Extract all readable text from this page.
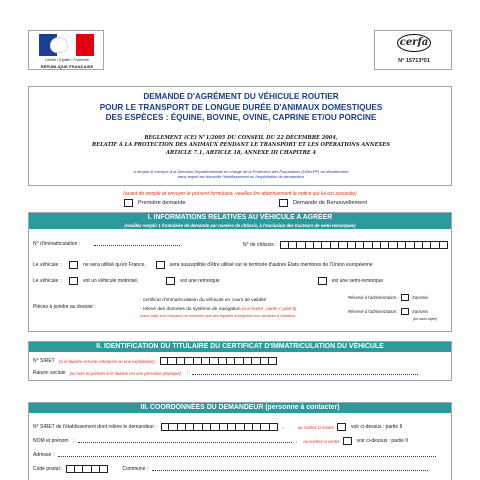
Liberté • Égalité • Fraternité
RÉPUBLIQUE FRANÇAISE
cerfa
N° 15713*01
DEMANDE D'AGRÉMENT DU VÉHICULE ROUTIER
POUR LE TRANSPORT DE LONGUE DURÉE D'ANIMAUX DOMESTIQUES
DES ESPÈCES : ÉQUINE, BOVINE, OVINE, CAPRINE ET/OU PORCINE
RÈGLEMENT (CE) N°1/2005 DU CONSEIL DU 22 DÉCEMBRE 2004,
RELATIF À LA PROTECTION DES ANIMAUX PENDANT LE TRANSPORT ET LES OPÉRATIONS ANNEXES
ARTICLE 7.1, ARTICLE 18, ANNEXE III CHAPITRE 4
à remplir et envoyer à la Direction Départementale en charge de la Protection des Populations (DDecPP) du département
dans lequel est domicilié l'établissement ou l'exploitation du demandeur
(avant de remplir et envoyer le présent formulaire, veuillez lire attentivement la notice qui lui est associée)
Première demande	Demande de Renouvellement
I. INFORMATIONS RELATIVES AU VÉHICULE A AGRÉER
(veuillez remplir 1 formulaire de demande par numéro de châssis, à l'exclusion des tracteurs de semi-remorques)
N° d'immatriculation :	N° de châssis :
Le véhicule :	ne sera utilisé qu'en France,	sera susceptible d'être utilisé sur le territoire d'autres États membres de l'Union européenne
Le véhicule :	est un véhicule motorisé,	est une remorque	est une semi-remorque
Pièces à joindre au dossier :
- certificat d'immatriculation du véhicule en cours de validité
- relevé des données du système de navigation (voir Notice : partie C point b)
(sans objet si le transport ne concerne que des équidés enregistrés non destinés à l'abattoir)
Réservé à l'administration :	transmis
Réservé à l'administration :	transmis
(ou sans objet)
II. IDENTIFICATION DU TITULAIRE DU CERTIFICAT D'IMMATRICULATION DU VÉHICULE
N° SIRET (si le titulaire est une entreprise ou une exploitation) :
Raison sociale (ou nom et prénom si le titulaire est une personne physique) :
III. COORDONNÉES DU DEMANDEUR (personne à contacter)
N° SIRET de l'établissement dont relève le demandeur :	,	ou cochez ci-contre	voir ci-dessus : partie II
NOM et prénom :	, ou cochez ci-contre	voir ci-dessus : partie II
Adresse :
Code postal :	Commune :
